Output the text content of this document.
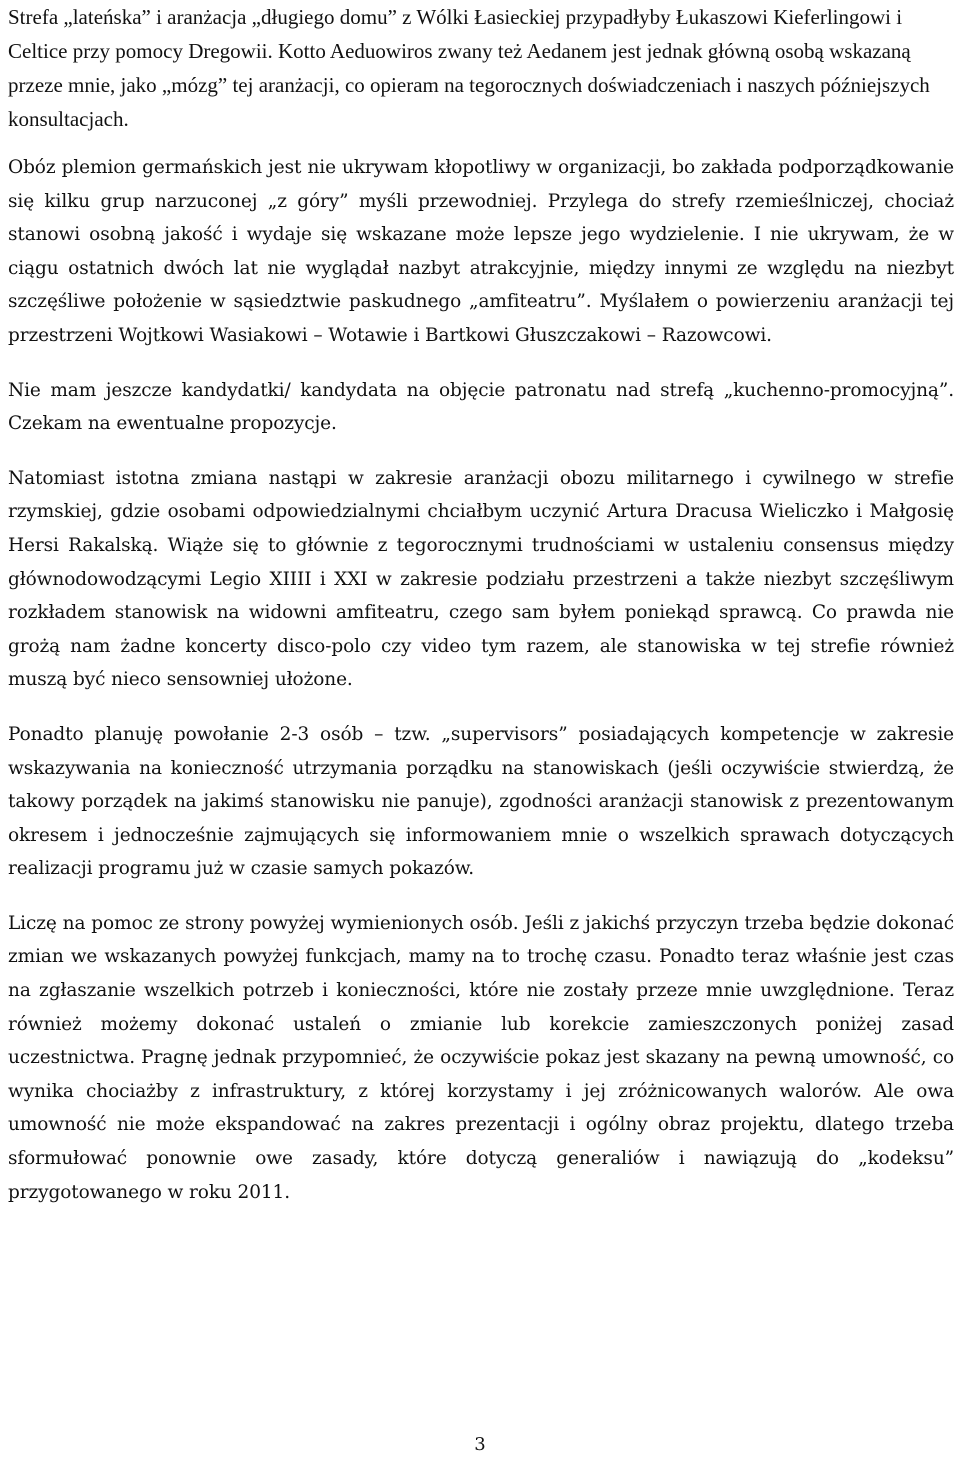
Strefa „lateńska” i aranżacja „długiego domu” z Wólki Łasieckiej przypadłyby Łukaszowi Kieferlingowi i Celtice przy pomocy Dregowii. Kotto Aeduowiros zwany też Aedanem jest jednak główną osobą wskazaną przeze mnie, jako „mózg” tej aranżacji, co opieram na tegorocznych doświadczeniach i naszych późniejszych konsultacjach.

Obóz plemion germańskich jest nie ukrywam kłopotliwy w organizacji, bo zakłada podporządkowanie się kilku grup narzuconej „z góry” myśli przewodniej. Przylega do strefy rzemieślniczej, chociaż stanowi osobną jakość i wydaje się wskazane może lepsze jego wydzielenie. I nie ukrywam, że w ciągu ostatnich dwóch lat nie wyglądał nazbyt atrakcyjnie, między innymi ze względu na niezbyt szczęśliwe położenie w sąsiedztwie paskudnego „amfiteatru”. Myślałem o powierzeniu aranżacji tej przestrzeni Wojtkowi Wasiakowi – Wotawie i Bartkowi Głuszczakowi – Razowcowi.

Nie mam jeszcze kandydatki/ kandydata na objęcie patronatu nad strefą „kuchenno-promocyjną”. Czekam na ewentualne propozycje.

Natomiast istotna zmiana nastąpi w zakresie aranżacji obozu militarnego i cywilnego w strefie rzymskiej, gdzie osobami odpowiedzialnymi chciałbym uczynić Artura Dracusa Wieliczko i Małgosię Hersi Rakalską. Wiąże się to głównie z tegorocznymi trudnościami w ustaleniu consensus między głównodowodzącymi Legio XIIII i XXI w zakresie podziału przestrzeni a także niezbyt szczęśliwym rozkładem stanowisk na widowni amfiteatru, czego sam byłem poniekąd sprawcą. Co prawda nie grożą nam żadne koncerty disco-polo czy video tym razem, ale stanowiska w tej strefie również muszą być nieco sensowniej ułożone.

Ponadto planuję powołanie 2-3 osób – tzw. „supervisors” posiadających kompetencje w zakresie wskazywania na konieczność utrzymania porządku na stanowiskach (jeśli oczywiście stwierdzą, że takowy porządek na jakimś stanowisku nie panuje), zgodności aranżacji stanowisk z prezentowanym okresem i jednocześnie zajmujących się informowaniem mnie o wszelkich sprawach dotyczących realizacji programu już w czasie samych pokazów.

Liczę na pomoc ze strony powyżej wymienionych osób. Jeśli z jakichś przyczyn trzeba będzie dokonać zmian we wskazanych powyżej funkcjach, mamy na to trochę czasu. Ponadto teraz właśnie jest czas na zgłaszanie wszelkich potrzeb i konieczności, które nie zostały przeze mnie uwzględnione. Teraz również możemy dokonać ustaleń o zmianie lub korekcie zamieszczonych poniżej zasad uczestnictwa. Pragnę jednak przypomnieć, że oczywiście pokaz jest skazany na pewną umowność, co wynika chociażby z infrastruktury, z której korzystamy i jej zróżnicowanych walorów. Ale owa umowność nie może ekspandować na zakres prezentacji i ogólny obraz projektu, dlatego trzeba sformułować ponownie owe zasady, które dotyczą generaliów i nawiązują do „kodeksu” przygotowanego w roku 2011.

3
